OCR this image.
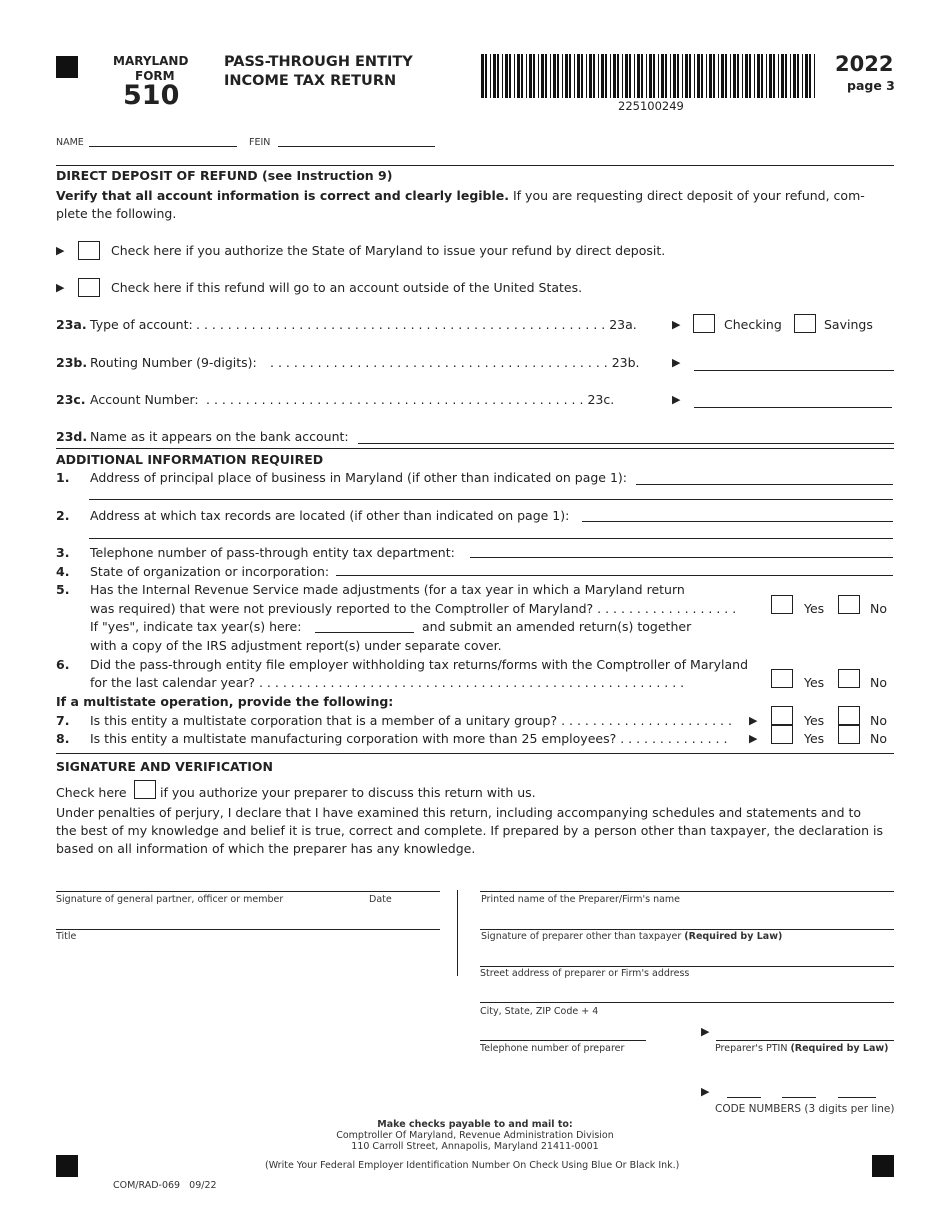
MARYLAND
FORM
510
PASS-THROUGH ENTITY
INCOME TAX RETURN
225100249
2022
page 3
NAME	FEIN
DIRECT DEPOSIT OF REFUND (see Instruction 9)
Verify that all account information is correct and clearly legible. If you are requesting direct deposit of your refund, com-
plete the following.
▶	Check here if you authorize the State of Maryland to issue your refund by direct deposit.
▶	Check here if this refund will go to an account outside of the United States.
23a. Type of account: . . . . . . . . . . . . . . . . . . . . . . . . . . . . . . . . . . . . . . . . . . . . . . . . . . . . 23a.	▶	Checking	Savings
23b. Routing Number (9-digits): . . . . . . . . . . . . . . . . . . . . . . . . . . . . . . . . . . . . . . . . . . . 23b.	▶
23c. Account Number: . . . . . . . . . . . . . . . . . . . . . . . . . . . . . . . . . . . . . . . . . . . . . . . . 23c.	▶
23d. Name as it appears on the bank account:
ADDITIONAL INFORMATION REQUIRED
1. Address of principal place of business in Maryland (if other than indicated on page 1):
2. Address at which tax records are located (if other than indicated on page 1):
3. Telephone number of pass-through entity tax department:
4. State of organization or incorporation:
5. Has the Internal Revenue Service made adjustments (for a tax year in which a Maryland return
was required) that were not previously reported to the Comptroller of Maryland? . . . . . . . . . . . . . . . . . .	Yes	No
If "yes", indicate tax year(s) here:	and submit an amended return(s) together
with a copy of the IRS adjustment report(s) under separate cover.
6. Did the pass-through entity file employer withholding tax returns/forms with the Comptroller of Maryland
for the last calendar year? . . . . . . . . . . . . . . . . . . . . . . . . . . . . . . . . . . . . . . . . . . . . . . . . . . . . . .	Yes	No
If a multistate operation, provide the following:
7. Is this entity a multistate corporation that is a member of a unitary group? . . . . . . . . . . . . . . . . . . . . . . ▶	Yes	No
8. Is this entity a multistate manufacturing corporation with more than 25 employees? . . . . . . . . . . . . . . ▶	Yes	No
SIGNATURE AND VERIFICATION
Check here	if you authorize your preparer to discuss this return with us.
Under penalties of perjury, I declare that I have examined this return, including accompanying schedules and statements and to
the best of my knowledge and belief it is true, correct and complete. If prepared by a person other than taxpayer, the declaration is
based on all information of which the preparer has any knowledge.
Signature of general partner, officer or member	Date
Title
Printed name of the Preparer/Firm's name
Signature of preparer other than taxpayer (Required by Law)
Street address of preparer or Firm's address
City, State, ZIP Code + 4
Telephone number of preparer
▶
Preparer's PTIN (Required by Law)
▶
CODE NUMBERS (3 digits per line)
Make checks payable to and mail to:
Comptroller Of Maryland, Revenue Administration Division
110 Carroll Street, Annapolis, Maryland 21411-0001
(Write Your Federal Employer Identification Number On Check Using Blue Or Black Ink.)
COM/RAD-069   09/22
